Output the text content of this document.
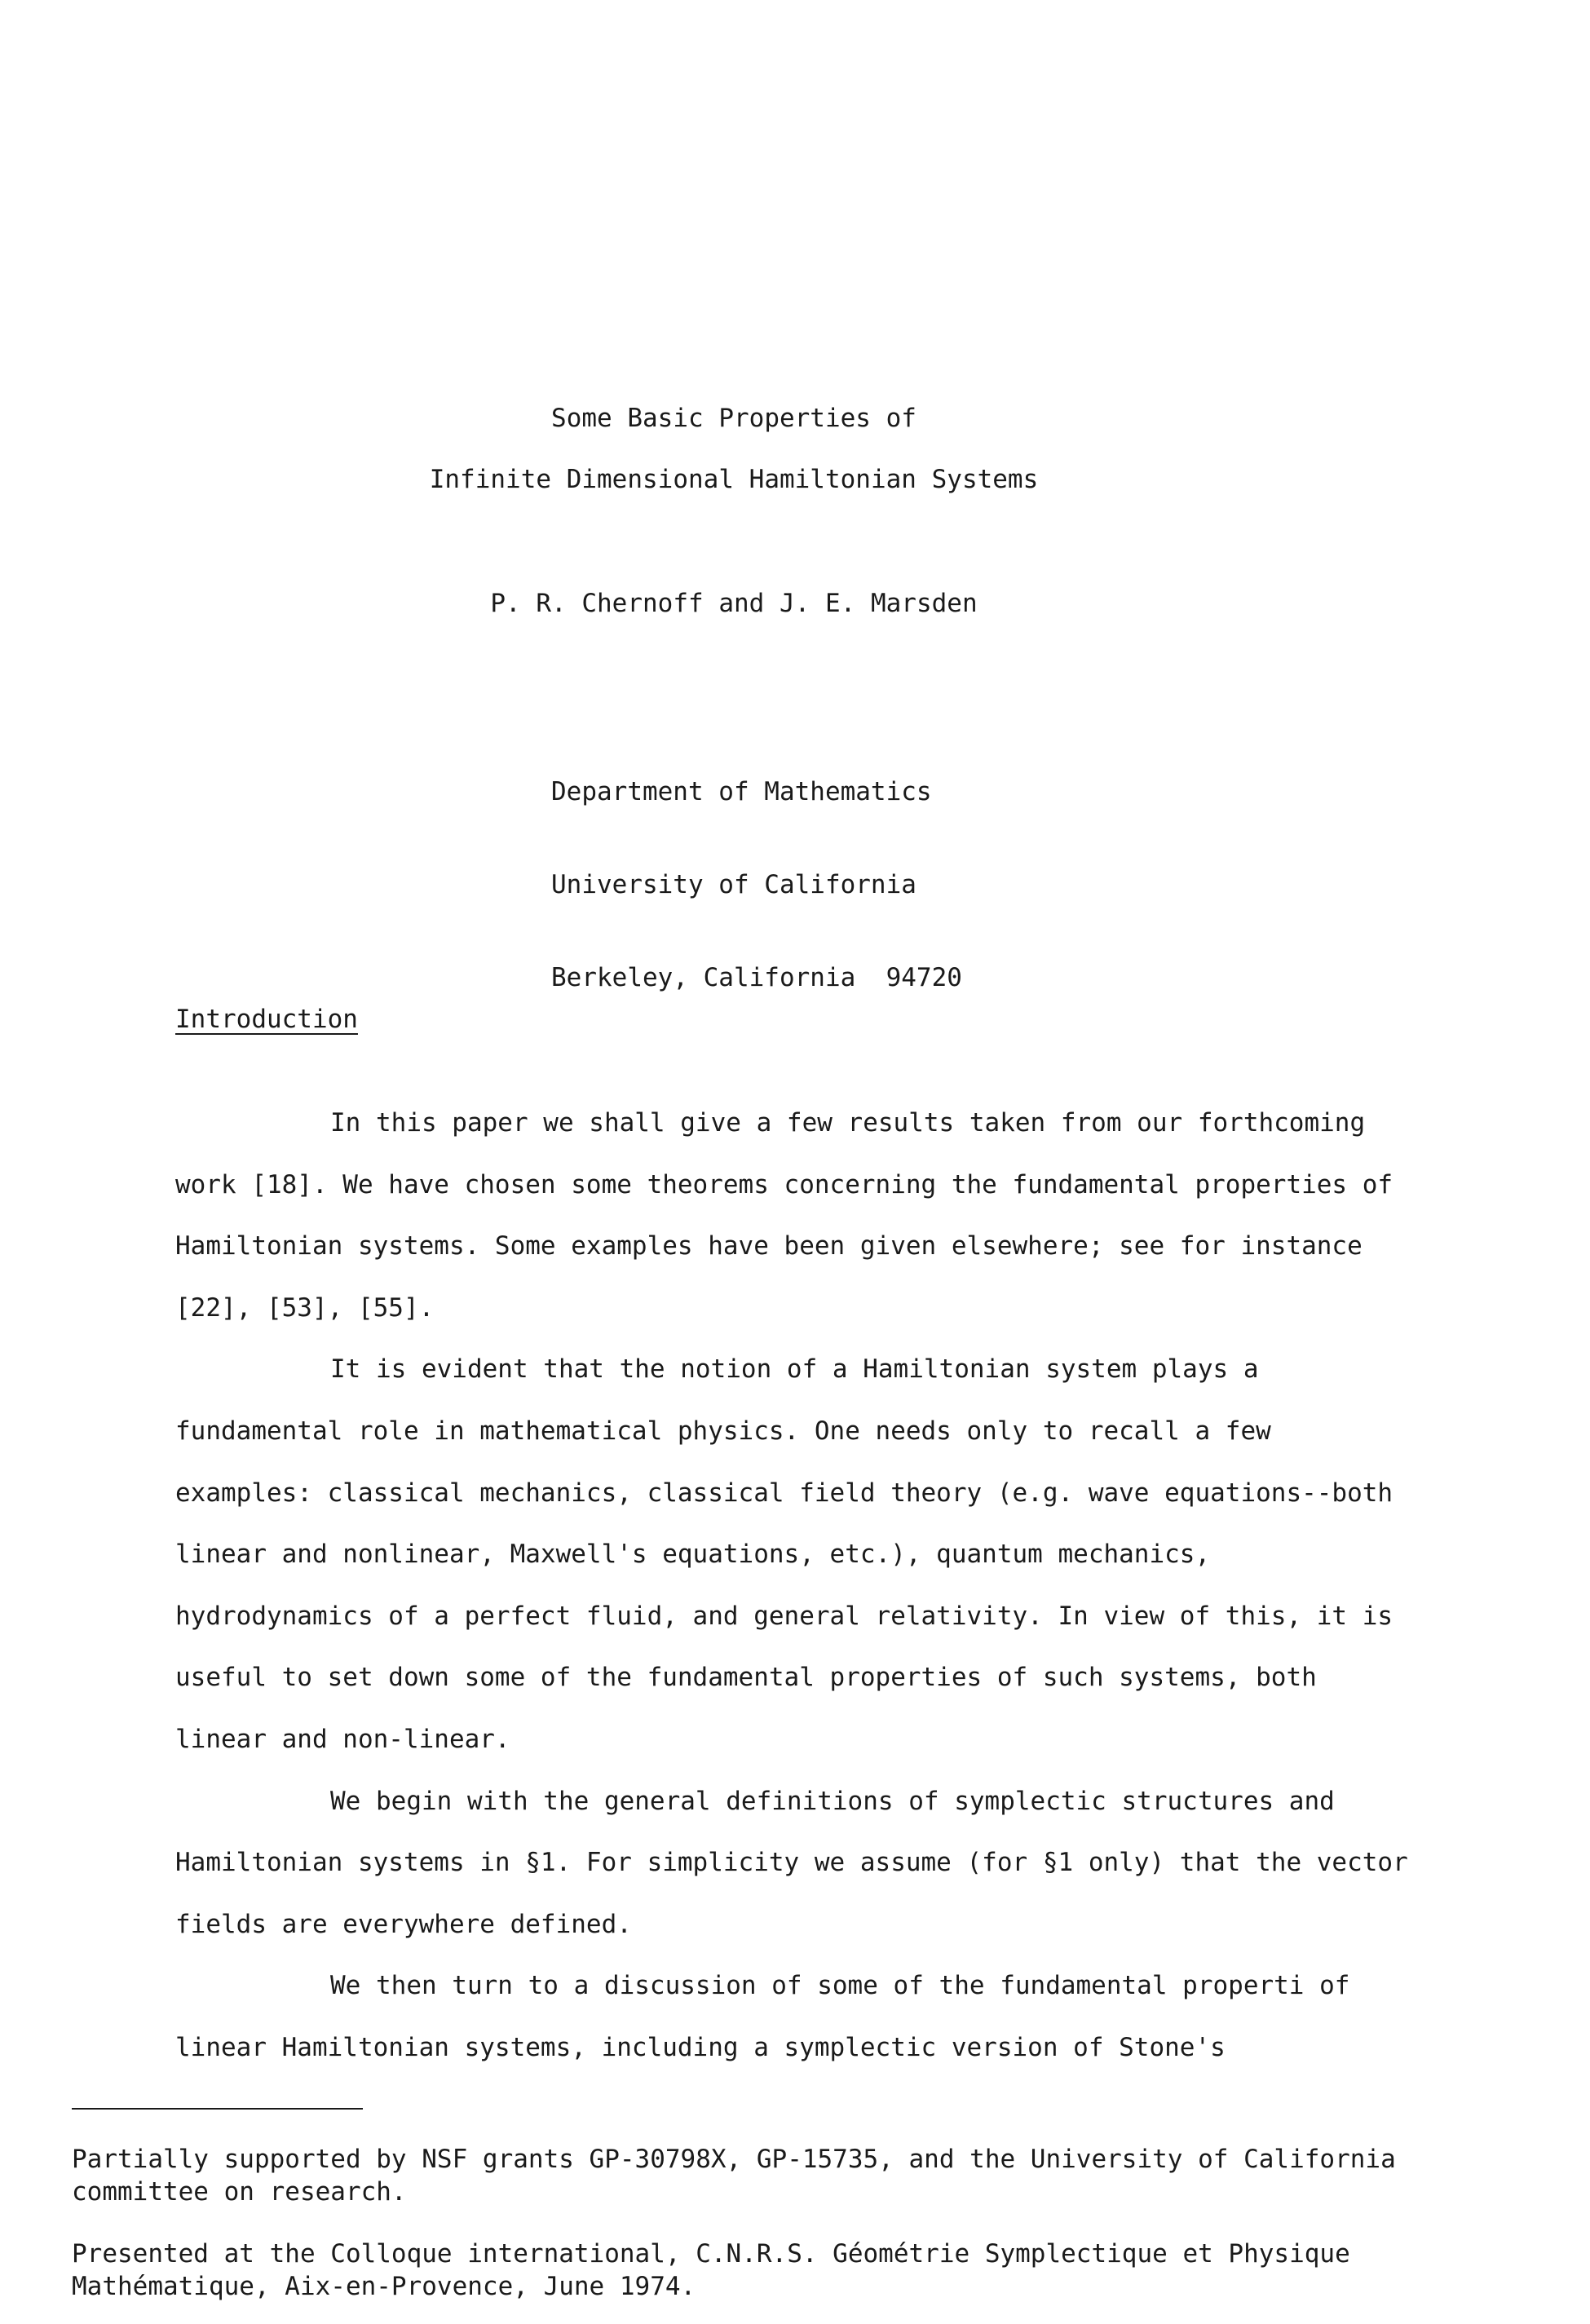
Some Basic Properties of
Infinite Dimensional Hamiltonian Systems
P. R. Chernoff and J. E. Marsden

Department of Mathematics

University of California

Berkeley, California  94720

Introduction

In this paper we shall give a few results taken from our forthcoming work [18]. We have chosen some theorems concerning the fundamental properties of Hamiltonian systems. Some examples have been given elsewhere; see for instance [22], [53], [55].

It is evident that the notion of a Hamiltonian system plays a fundamental role in mathematical physics. One needs only to recall a few examples: classical mechanics, classical field theory (e.g. wave equations--both linear and nonlinear, Maxwell's equations, etc.), quantum mechanics, hydrodynamics of a perfect fluid, and general relativity. In view of this, it is useful to set down some of the fundamental properties of such systems, both linear and non-linear.

We begin with the general definitions of symplectic structures and Hamiltonian systems in §1. For simplicity we assume (for §1 only) that the vector fields are everywhere defined.

We then turn to a discussion of some of the fundamental properti of linear Hamiltonian systems, including a symplectic version of Stone's

Partially supported by NSF grants GP-30798X, GP-15735, and the University of California committee on research.
Presented at the Colloque international, C.N.R.S. Géométrie Symplectique et Physique Mathématique, Aix-en-Provence, June 1974.
